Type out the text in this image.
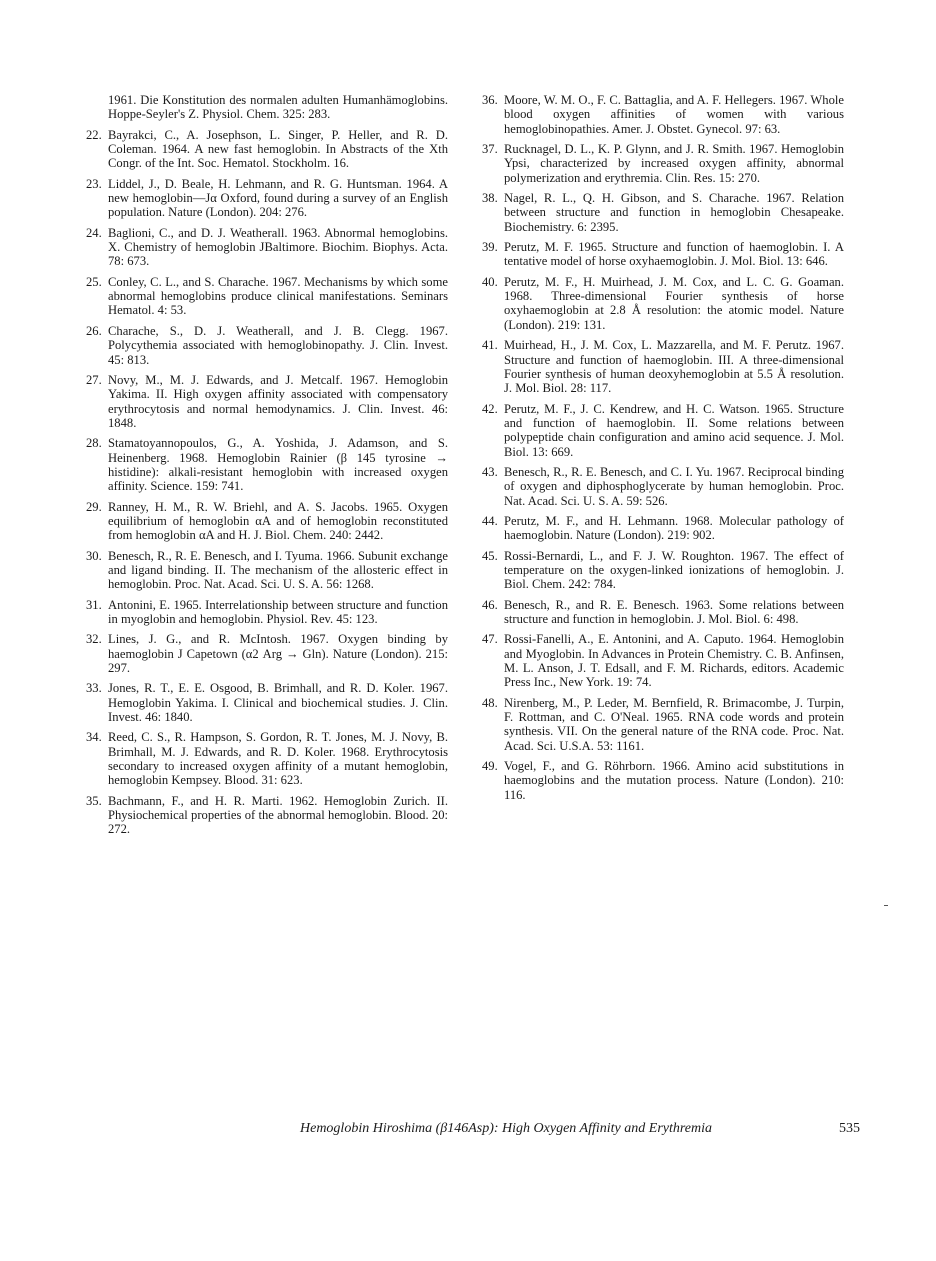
1961. Die Konstitution des normalen adulten Humanhämoglobins. Hoppe-Seyler's Z. Physiol. Chem. 325: 283.
22. Bayrakci, C., A. Josephson, L. Singer, P. Heller, and R. D. Coleman. 1964. A new fast hemoglobin. In Abstracts of the Xth Congr. of the Int. Soc. Hematol. Stockholm. 16.
23. Liddel, J., D. Beale, H. Lehmann, and R. G. Huntsman. 1964. A new hemoglobin—Jα Oxford, found during a survey of an English population. Nature (London). 204: 276.
24. Baglioni, C., and D. J. Weatherall. 1963. Abnormal hemoglobins. X. Chemistry of hemoglobin JBaltimore. Biochim. Biophys. Acta. 78: 673.
25. Conley, C. L., and S. Charache. 1967. Mechanisms by which some abnormal hemoglobins produce clinical manifestations. Seminars Hematol. 4: 53.
26. Charache, S., D. J. Weatherall, and J. B. Clegg. 1967. Polycythemia associated with hemoglobinopathy. J. Clin. Invest. 45: 813.
27. Novy, M., M. J. Edwards, and J. Metcalf. 1967. Hemoglobin Yakima. II. High oxygen affinity associated with compensatory erythrocytosis and normal hemodynamics. J. Clin. Invest. 46: 1848.
28. Stamatoyannopoulos, G., A. Yoshida, J. Adamson, and S. Heinenberg. 1968. Hemoglobin Rainier (β 145 tyrosine → histidine): alkali-resistant hemoglobin with increased oxygen affinity. Science. 159: 741.
29. Ranney, H. M., R. W. Briehl, and A. S. Jacobs. 1965. Oxygen equilibrium of hemoglobin αA and of hemoglobin reconstituted from hemoglobin αA and H. J. Biol. Chem. 240: 2442.
30. Benesch, R., R. E. Benesch, and I. Tyuma. 1966. Subunit exchange and ligand binding. II. The mechanism of the allosteric effect in hemoglobin. Proc. Nat. Acad. Sci. U. S. A. 56: 1268.
31. Antonini, E. 1965. Interrelationship between structure and function in myoglobin and hemoglobin. Physiol. Rev. 45: 123.
32. Lines, J. G., and R. McIntosh. 1967. Oxygen binding by haemoglobin J Capetown (α2 Arg → Gln). Nature (London). 215: 297.
33. Jones, R. T., E. E. Osgood, B. Brimhall, and R. D. Koler. 1967. Hemoglobin Yakima. I. Clinical and biochemical studies. J. Clin. Invest. 46: 1840.
34. Reed, C. S., R. Hampson, S. Gordon, R. T. Jones, M. J. Novy, B. Brimhall, M. J. Edwards, and R. D. Koler. 1968. Erythrocytosis secondary to increased oxygen affinity of a mutant hemoglobin, hemoglobin Kempsey. Blood. 31: 623.
35. Bachmann, F., and H. R. Marti. 1962. Hemoglobin Zurich. II. Physiochemical properties of the abnormal hemoglobin. Blood. 20: 272.
36. Moore, W. M. O., F. C. Battaglia, and A. F. Hellegers. 1967. Whole blood oxygen affinities of women with various hemoglobinopathies. Amer. J. Obstet. Gynecol. 97: 63.
37. Rucknagel, D. L., K. P. Glynn, and J. R. Smith. 1967. Hemoglobin Ypsi, characterized by increased oxygen affinity, abnormal polymerization and erythremia. Clin. Res. 15: 270.
38. Nagel, R. L., Q. H. Gibson, and S. Charache. 1967. Relation between structure and function in hemoglobin Chesapeake. Biochemistry. 6: 2395.
39. Perutz, M. F. 1965. Structure and function of haemoglobin. I. A tentative model of horse oxyhaemoglobin. J. Mol. Biol. 13: 646.
40. Perutz, M. F., H. Muirhead, J. M. Cox, and L. C. G. Goaman. 1968. Three-dimensional Fourier synthesis of horse oxyhaemoglobin at 2.8 Å resolution: the atomic model. Nature (London). 219: 131.
41. Muirhead, H., J. M. Cox, L. Mazzarella, and M. F. Perutz. 1967. Structure and function of haemoglobin. III. A three-dimensional Fourier synthesis of human deoxyhemoglobin at 5.5 Å resolution. J. Mol. Biol. 28: 117.
42. Perutz, M. F., J. C. Kendrew, and H. C. Watson. 1965. Structure and function of haemoglobin. II. Some relations between polypeptide chain configuration and amino acid sequence. J. Mol. Biol. 13: 669.
43. Benesch, R., R. E. Benesch, and C. I. Yu. 1967. Reciprocal binding of oxygen and diphosphoglycerate by human hemoglobin. Proc. Nat. Acad. Sci. U. S. A. 59: 526.
44. Perutz, M. F., and H. Lehmann. 1968. Molecular pathology of haemoglobin. Nature (London). 219: 902.
45. Rossi-Bernardi, L., and F. J. W. Roughton. 1967. The effect of temperature on the oxygen-linked ionizations of hemoglobin. J. Biol. Chem. 242: 784.
46. Benesch, R., and R. E. Benesch. 1963. Some relations between structure and function in hemoglobin. J. Mol. Biol. 6: 498.
47. Rossi-Fanelli, A., E. Antonini, and A. Caputo. 1964. Hemoglobin and Myoglobin. In Advances in Protein Chemistry. C. B. Anfinsen, M. L. Anson, J. T. Edsall, and F. M. Richards, editors. Academic Press Inc., New York. 19: 74.
48. Nirenberg, M., P. Leder, M. Bernfield, R. Brimacombe, J. Turpin, F. Rottman, and C. O'Neal. 1965. RNA code words and protein synthesis. VII. On the general nature of the RNA code. Proc. Nat. Acad. Sci. U.S.A. 53: 1161.
49. Vogel, F., and G. Röhrborn. 1966. Amino acid substitutions in haemoglobins and the mutation process. Nature (London). 210: 116.
Hemoglobin Hiroshima (β146Asp): High Oxygen Affinity and Erythremia	535
